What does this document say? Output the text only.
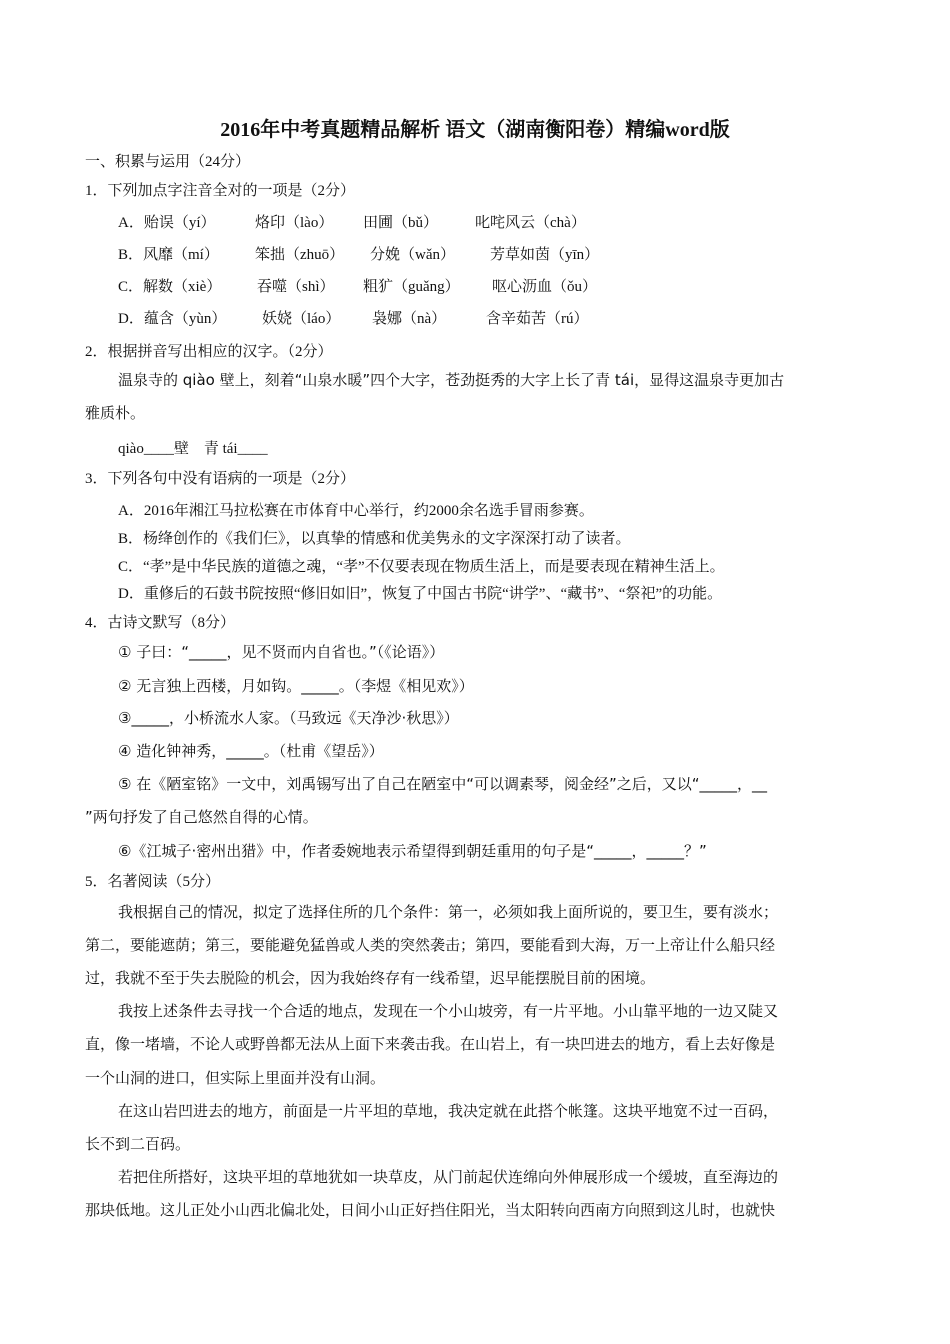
2016年中考真题精品解析 语文（湖南衡阳卷）精编word版
一、积累与运用（24分）
1．下列加点字注音全对的一项是（2分）
A．贻误（yí）	烙印（lào） 田圃（bǔ） 叱咤风云（chà）
B．风靡（mí） 笨拙（zhuō） 分娩（wǎn） 芳草如茵（yīn）
C．解数（xiè） 吞噬（shì） 粗犷（guǎng） 呕心沥血（ǒu）
D．蕴含（yùn） 妖娆（láo） 袅娜（nà）	含辛茹苦（rú）
2．根据拼音写出相应的汉字。（2分）
温泉寺的 qiào 壁上，刻着“山泉水暖”四个大字，苍劲挺秀的大字上长了青 tái，显得这温泉寺更加古
雅质朴。
qiào____壁　青 tái____
3．下列各句中没有语病的一项是（2分）
A．2016年湘江马拉松赛在市体育中心举行，约2000余名选手冒雨参赛。
B．杨绛创作的《我们仨》，以真挚的情感和优美隽永的文字深深打动了读者。
C．“孝”是中华民族的道德之魂，“孝”不仅要表现在物质生活上，而是要表现在精神生活上。
D．重修后的石鼓书院按照“修旧如旧”，恢复了中国古书院“讲学”、“藏书”、“祭祀”的功能。
4．古诗文默写（8分）
① 子曰：“_____，见不贤而内自省也。”（《论语》）
② 无言独上西楼，月如钩。_____。（李煜《相见欢》）
③_____，小桥流水人家。（马致远《天净沙·秋思》）
④ 造化钟神秀，_____。（杜甫《望岳》）
⑤ 在《陋室铭》一文中，刘禹锡写出了自己在陋室中“可以调素琴，阅金经”之后，又以“_____，__
”两句抒发了自己悠然自得的心情。
⑥《江城子·密州出猎》中，作者委婉地表示希望得到朝廷重用的句子是“_____，_____？”
5．名著阅读（5分）
我根据自己的情况，拟定了选择住所的几个条件：第一，必须如我上面所说的，要卫生，要有淡水；
第二，要能遮荫；第三，要能避免猛兽或人类的突然袭击；第四，要能看到大海，万一上帝让什么船只经
过，我就不至于失去脱险的机会，因为我始终存有一线希望，迟早能摆脱目前的困境。
我按上述条件去寻找一个合适的地点，发现在一个小山坡旁，有一片平地。小山靠平地的一边又陡又
直，像一堵墙，不论人或野兽都无法从上面下来袭击我。在山岩上，有一块凹进去的地方，看上去好像是
一个山洞的进口，但实际上里面并没有山洞。
在这山岩凹进去的地方，前面是一片平坦的草地，我决定就在此搭个帐篷。这块平地宽不过一百码，
长不到二百码。
若把住所搭好，这块平坦的草地犹如一块草皮，从门前起伏连绵向外伸展形成一个缓坡，直至海边的
那块低地。这儿正处小山西北偏北处，日间小山正好挡住阳光，当太阳转向西南方向照到这儿时，也就快
